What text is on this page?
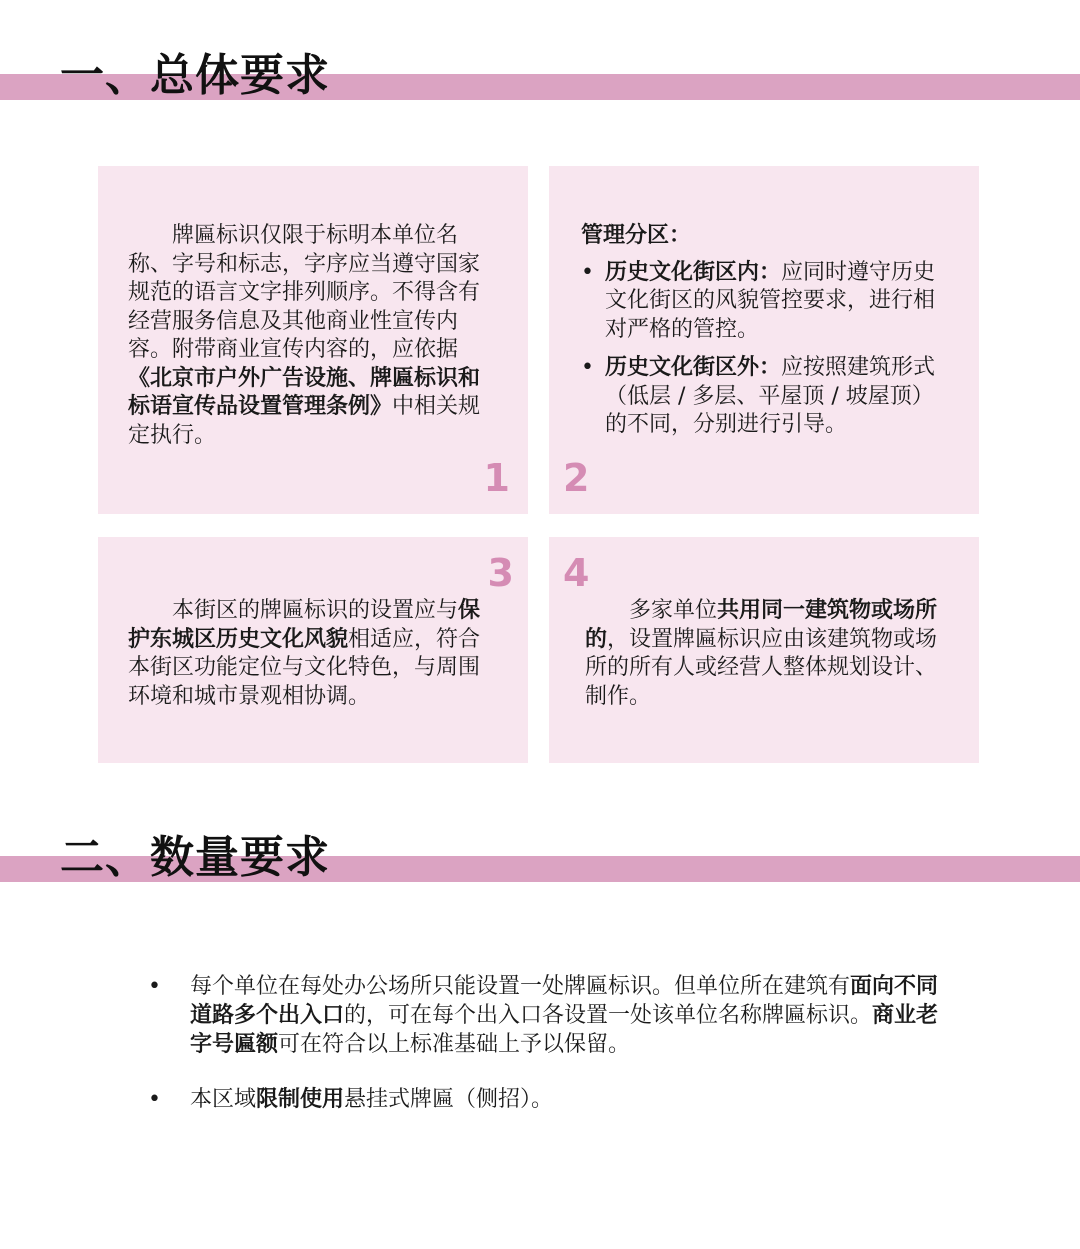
一、总体要求

牌匾标识仅限于标明本单位名称、字号和标志，字序应当遵守国家规范的语言文字排列顺序。不得含有经营服务信息及其他商业性宣传内容。附带商业宣传内容的，应依据《北京市户外广告设施、牌匾标识和标语宣传品设置管理条例》中相关规定执行。

1

管理分区：

• 历史文化街区内：应同时遵守历史文化街区的风貌管控要求，进行相对严格的管控。
• 历史文化街区外：应按照建筑形式（低层 / 多层、平屋顶 / 坡屋顶）的不同，分别进行引导。
2
3

本街区的牌匾标识的设置应与保护东城区历史文化风貌相适应，符合本街区功能定位与文化特色，与周围环境和城市景观相协调。

4

多家单位共用同一建筑物或场所的，设置牌匾标识应由该建筑物或场所的所有人或经营人整体规划设计、制作。

二、数量要求
• 每个单位在每处办公场所只能设置一处牌匾标识。但单位所在建筑有面向不同道路多个出入口的，可在每个出入口各设置一处该单位名称牌匾标识。商业老字号匾额可在符合以上标准基础上予以保留。
• 本区域限制使用悬挂式牌匾（侧招）。
